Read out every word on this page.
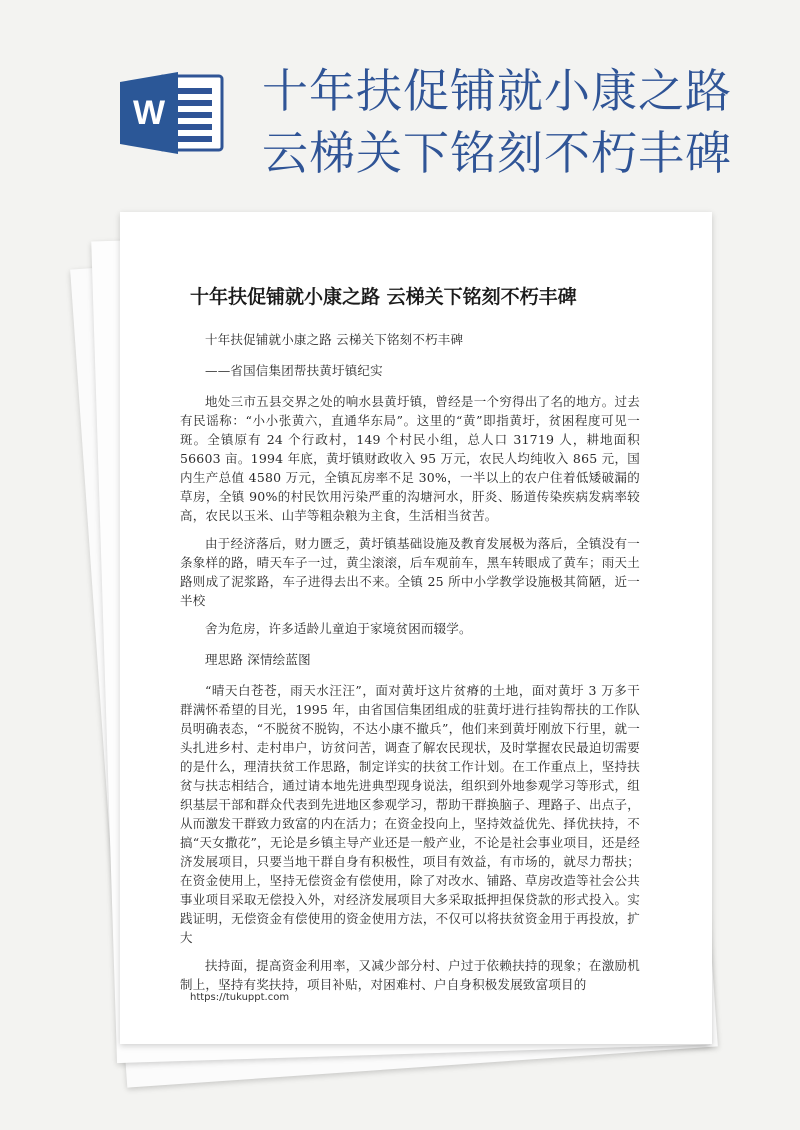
W 十年扶促铺就小康之路
云梯关下铭刻不朽丰碑
十年扶促铺就小康之路 云梯关下铭刻不朽丰碑

十年扶促铺就小康之路 云梯关下铭刻不朽丰碑

——省国信集团帮扶黄圩镇纪实

地处三市五县交界之处的响水县黄圩镇，曾经是一个穷得出了名的地方。过去有民谣称：“小小张黄六，直通华东局”。这里的“黄”即指黄圩，贫困程度可见一斑。全镇原有 24 个行政村，149 个村民小组，总人口 31719 人，耕地面积 56603 亩。1994 年底，黄圩镇财政收入 95 万元，农民人均纯收入 865 元，国内生产总值 4580 万元，全镇瓦房率不足 30%，一半以上的农户住着低矮破漏的草房，全镇 90%的村民饮用污染严重的沟塘河水，肝炎、肠道传染疾病发病率较高，农民以玉米、山芋等粗杂粮为主食，生活相当贫苦。

由于经济落后，财力匮乏，黄圩镇基础设施及教育发展极为落后，全镇没有一条象样的路，晴天车子一过，黄尘滚滚，后车观前车，黑车转眼成了黄车；雨天土路则成了泥浆路，车子进得去出不来。全镇 25 所中小学教学设施极其简陋，近一半校

舍为危房，许多适龄儿童迫于家境贫困而辍学。

理思路 深情绘蓝图

“晴天白苍苍，雨天水汪汪”，面对黄圩这片贫瘠的土地，面对黄圩 3 万多干群满怀希望的目光，1995 年，由省国信集团组成的驻黄圩进行挂钩帮扶的工作队员明确表态，“不脱贫不脱钩，不达小康不撤兵”，他们来到黄圩刚放下行里，就一头扎进乡村、走村串户，访贫问苦，调查了解农民现状，及时掌握农民最迫切需要的是什么，理清扶贫工作思路，制定详实的扶贫工作计划。在工作重点上，坚持扶贫与扶志相结合，通过请本地先进典型现身说法，组织到外地参观学习等形式，组织基层干部和群众代表到先进地区参观学习，帮助干群换脑子、理路子、出点子，从而激发干群致力致富的内在活力；在资金投向上，坚持效益优先、择优扶持，不搞“天女撒花”，无论是乡镇主导产业还是一般产业，不论是社会事业项目，还是经济发展项目，只要当地干群自身有积极性，项目有效益，有市场的，就尽力帮扶；在资金使用上，坚持无偿资金有偿使用，除了对改水、铺路、草房改造等社会公共事业项目采取无偿投入外，对经济发展项目大多采取抵押担保贷款的形式投入。实践证明，无偿资金有偿使用的资金使用方法，不仅可以将扶贫资金用于再投放，扩大

扶持面，提高资金利用率，又减少部分村、户过于依赖扶持的现象；在激励机制上，坚持有奖扶持，项目补贴，对困难村、户自身积极发展致富项目的

https://tukuppt.com
